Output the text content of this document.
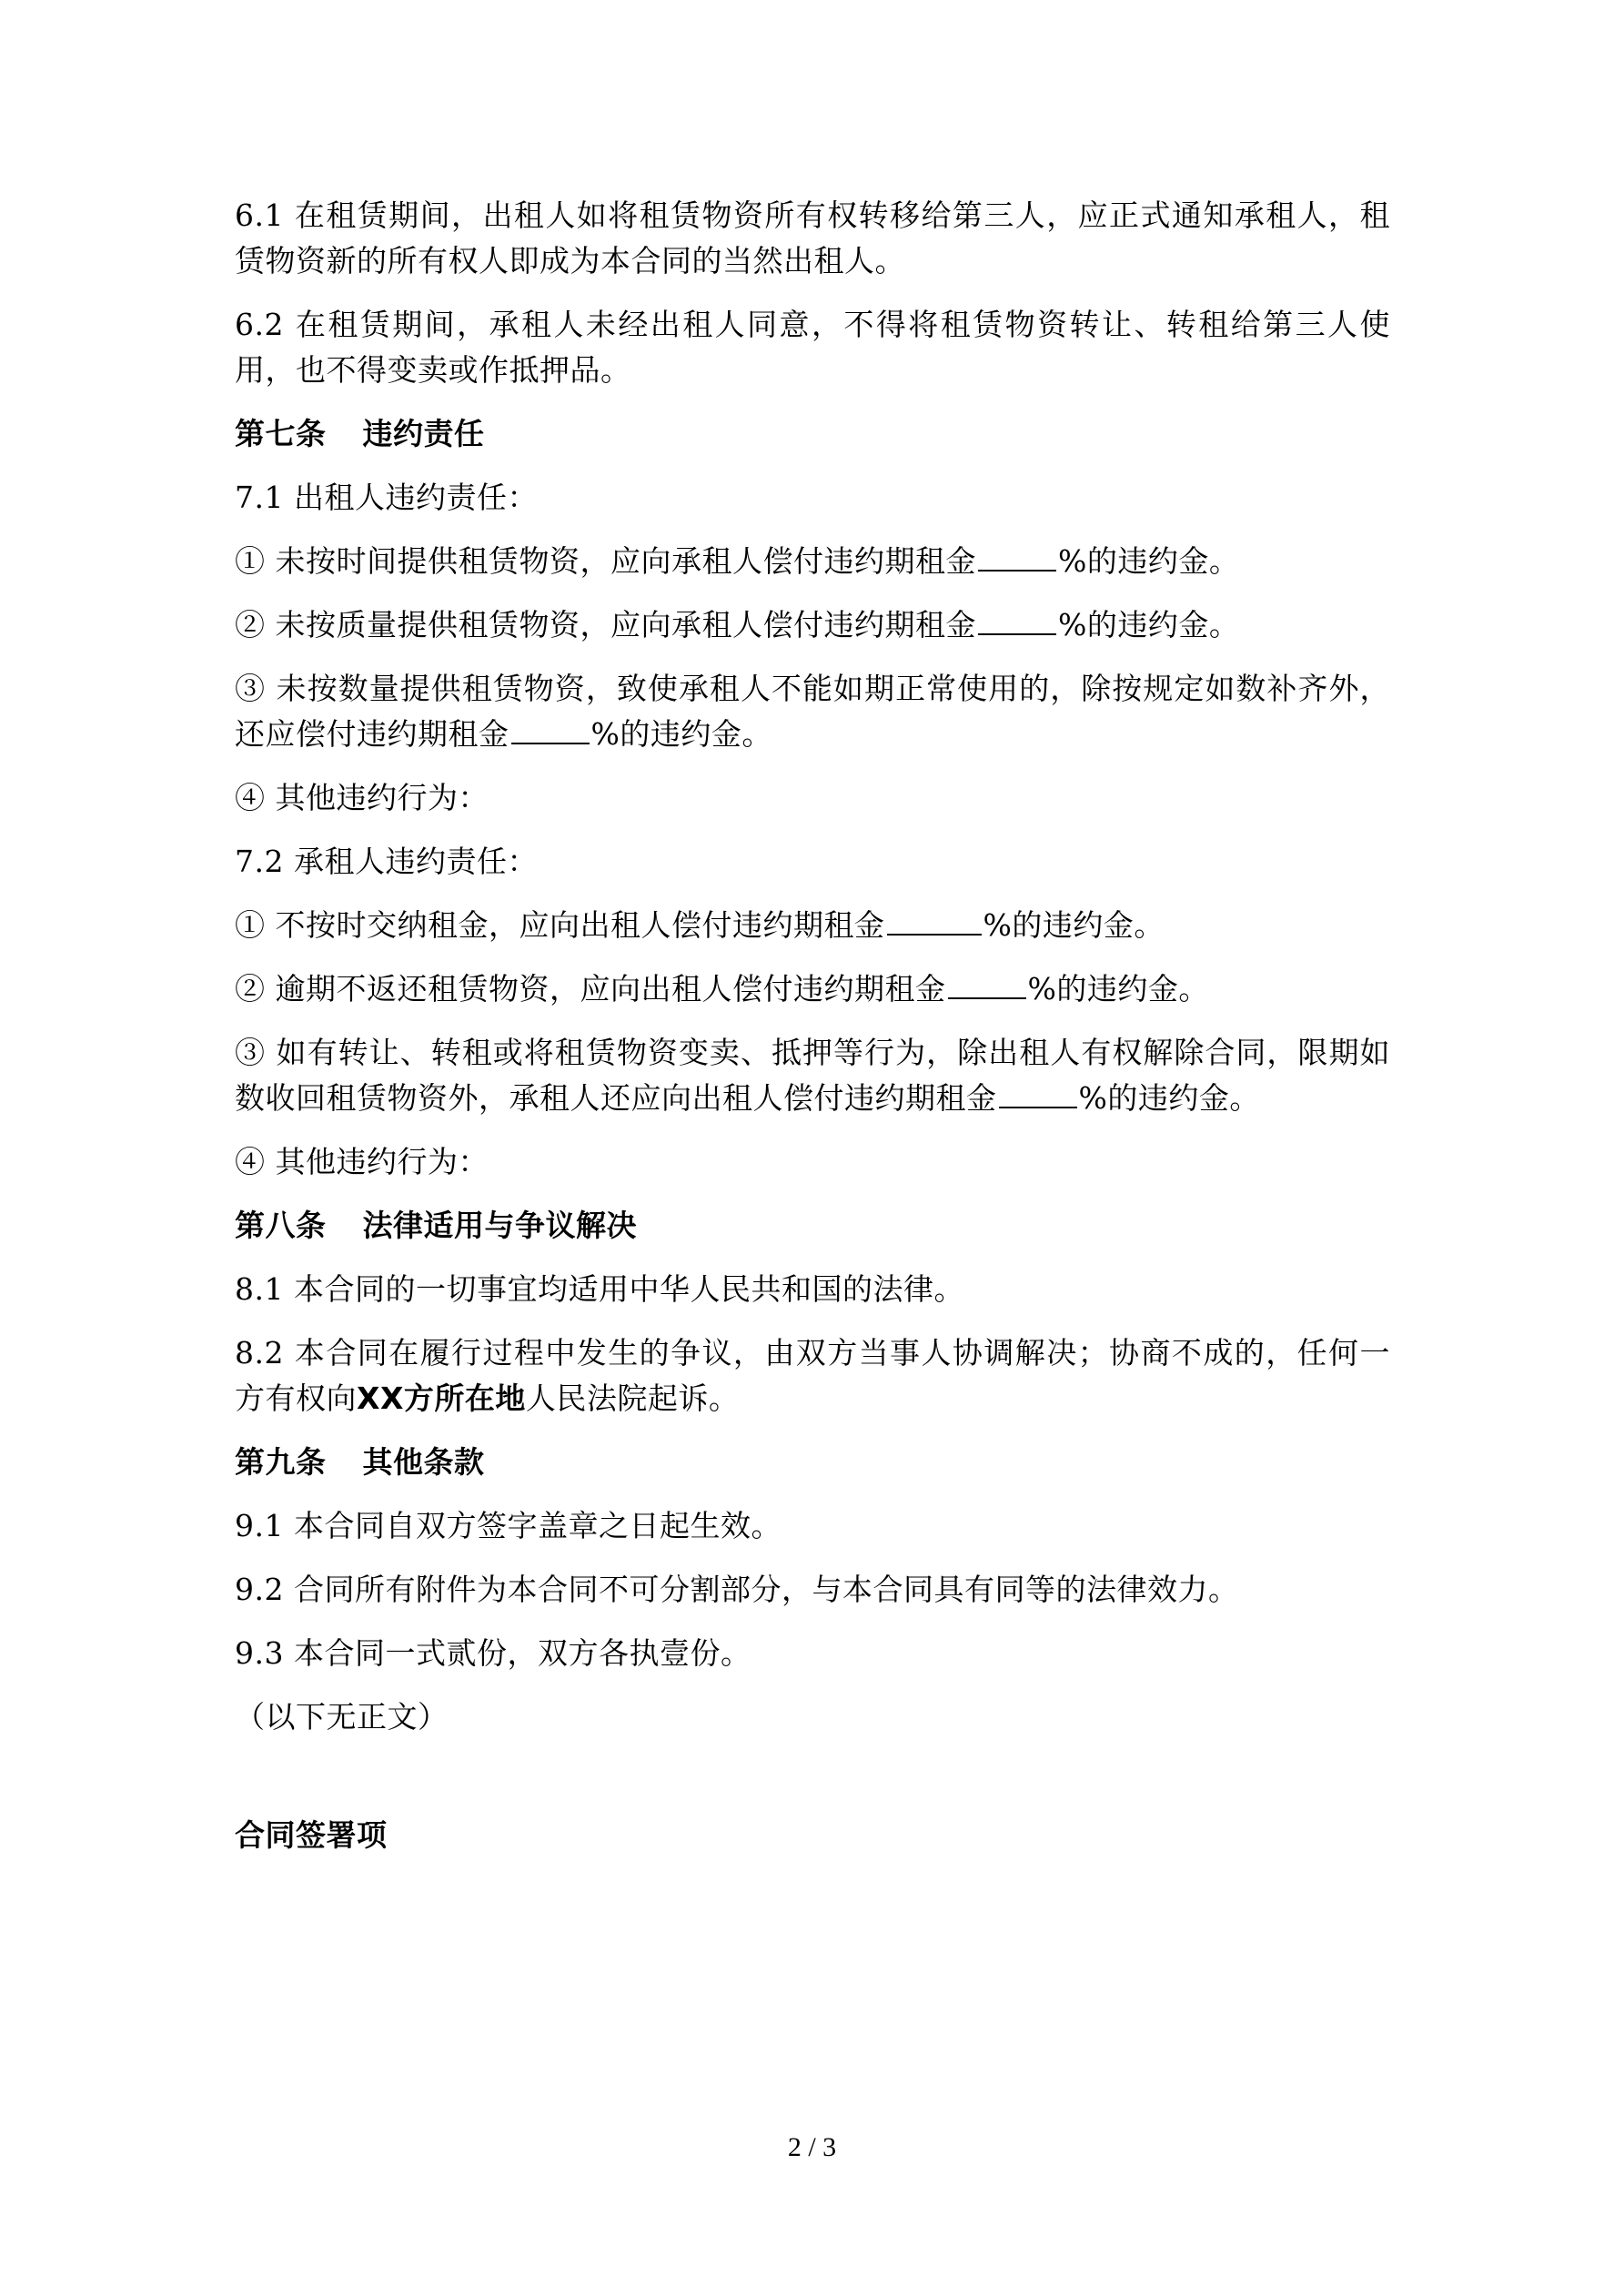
6.1 在租赁期间，出租人如将租赁物资所有权转移给第三人，应正式通知承租人，租赁物资新的所有权人即成为本合同的当然出租人。

6.2 在租赁期间，承租人未经出租人同意，不得将租赁物资转让、转租给第三人使用，也不得变卖或作抵押品。

第七条 违约责任

7.1 出租人违约责任：

① 未按时间提供租赁物资，应向承租人偿付违约期租金	%的违约金。

② 未按质量提供租赁物资，应向承租人偿付违约期租金	%的违约金。

③ 未按数量提供租赁物资，致使承租人不能如期正常使用的，除按规定如数补齐外，还应偿付违约期租金	%的违约金。

④ 其他违约行为：

7.2 承租人违约责任：

① 不按时交纳租金，应向出租人偿付违约期租金	%的违约金。

② 逾期不返还租赁物资，应向出租人偿付违约期租金	%的违约金。

③ 如有转让、转租或将租赁物资变卖、抵押等行为，除出租人有权解除合同，限期如数收回租赁物资外，承租人还应向出租人偿付违约期租金	%的违约金。

④ 其他违约行为：

第八条 法律适用与争议解决

8.1 本合同的一切事宜均适用中华人民共和国的法律。

8.2 本合同在履行过程中发生的争议，由双方当事人协调解决；协商不成的，任何一方有权向XX方所在地人民法院起诉。

第九条 其他条款

9.1 本合同自双方签字盖章之日起生效。

9.2 合同所有附件为本合同不可分割部分，与本合同具有同等的法律效力。

9.3 本合同一式贰份，双方各执壹份。

（以下无正文）

合同签署项
2 / 3
